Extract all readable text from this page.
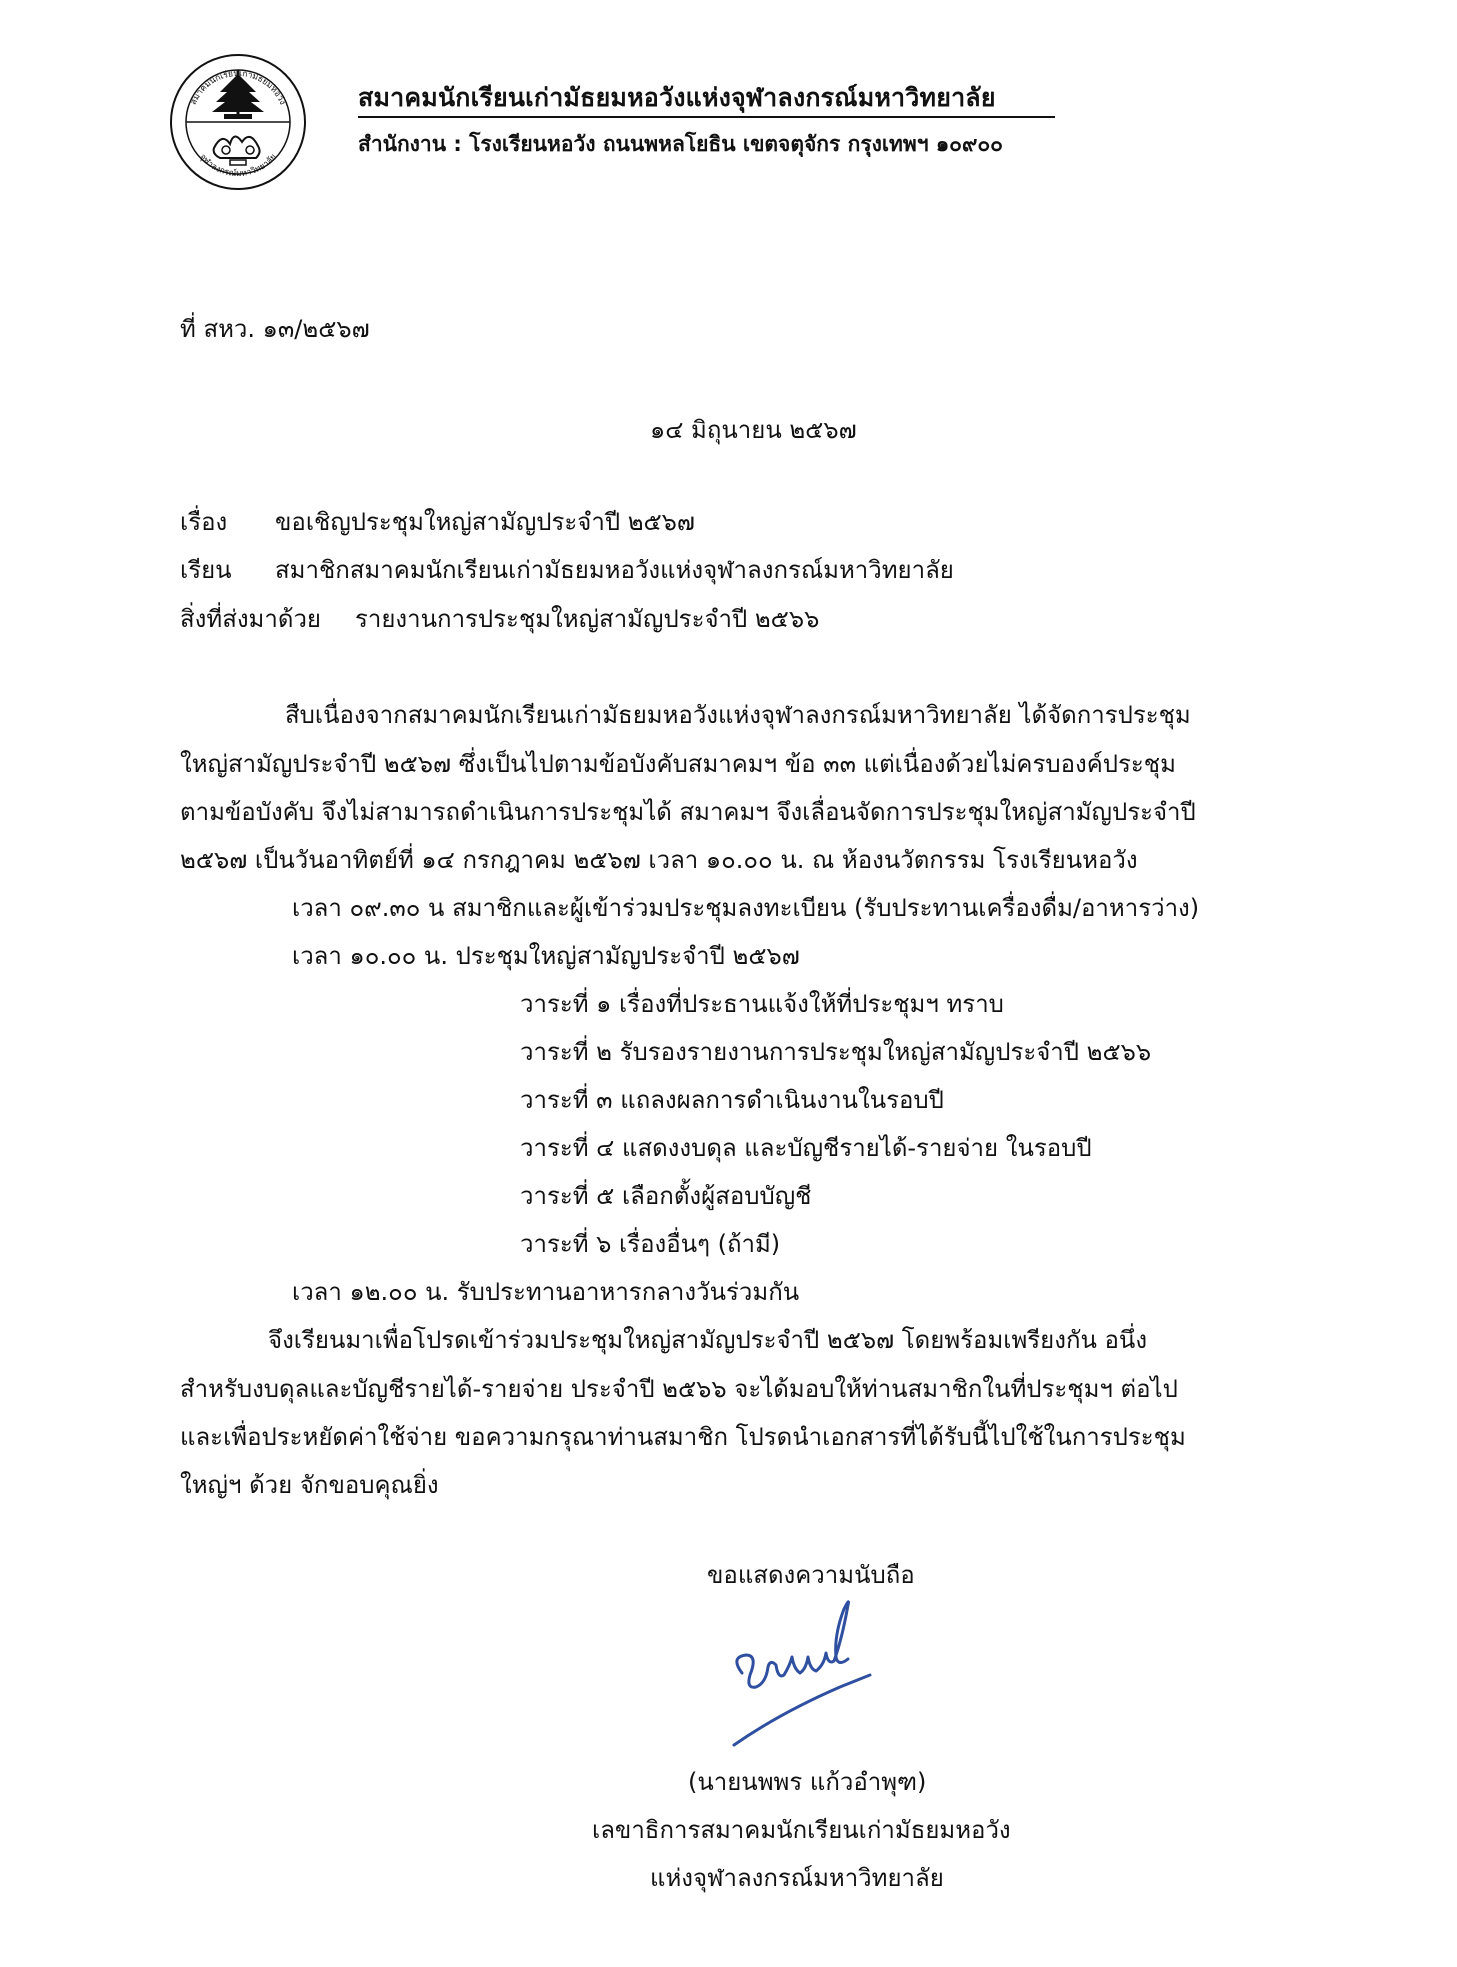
สมาคมนักเรียนเก่ามัธยมหอวัง
จุฬาลงกรณ์มหาวิทยาลัย
สมาคมนักเรียนเก่ามัธยมหอวังแห่งจุฬาลงกรณ์มหาวิทยาลัย
สำนักงาน : โรงเรียนหอวัง ถนนพหลโยธิน เขตจตุจักร กรุงเทพฯ ๑๐๙๐๐
ที่ สหว. ๑๓/๒๕๖๗
๑๔ มิถุนายน ๒๕๖๗
เรื่อง ขอเชิญประชุมใหญ่สามัญประจำปี ๒๕๖๗
เรียน สมาชิกสมาคมนักเรียนเก่ามัธยมหอวังแห่งจุฬาลงกรณ์มหาวิทยาลัย
สิ่งที่ส่งมาด้วย รายงานการประชุมใหญ่สามัญประจำปี ๒๕๖๖
สืบเนื่องจากสมาคมนักเรียนเก่ามัธยมหอวังแห่งจุฬาลงกรณ์มหาวิทยาลัย ได้จัดการประชุม
ใหญ่สามัญประจำปี ๒๕๖๗ ซึ่งเป็นไปตามข้อบังคับสมาคมฯ ข้อ ๓๓ แต่เนื่องด้วยไม่ครบองค์ประชุม
ตามข้อบังคับ จึงไม่สามารถดำเนินการประชุมได้ สมาคมฯ จึงเลื่อนจัดการประชุมใหญ่สามัญประจำปี
๒๕๖๗ เป็นวันอาทิตย์ที่ ๑๔ กรกฎาคม ๒๕๖๗ เวลา ๑๐.๐๐ น. ณ ห้องนวัตกรรม โรงเรียนหอวัง
เวลา ๐๙.๓๐ น สมาชิกและผู้เข้าร่วมประชุมลงทะเบียน (รับประทานเครื่องดื่ม/อาหารว่าง)
เวลา ๑๐.๐๐ น. ประชุมใหญ่สามัญประจำปี ๒๕๖๗
วาระที่ ๑ เรื่องที่ประธานแจ้งให้ที่ประชุมฯ ทราบ
วาระที่ ๒ รับรองรายงานการประชุมใหญ่สามัญประจำปี ๒๕๖๖
วาระที่ ๓ แถลงผลการดำเนินงานในรอบปี
วาระที่ ๔ แสดงงบดุล และบัญชีรายได้-รายจ่าย ในรอบปี
วาระที่ ๕ เลือกตั้งผู้สอบบัญชี
วาระที่ ๖ เรื่องอื่นๆ (ถ้ามี)
เวลา ๑๒.๐๐ น. รับประทานอาหารกลางวันร่วมกัน
จึงเรียนมาเพื่อโปรดเข้าร่วมประชุมใหญ่สามัญประจำปี ๒๕๖๗ โดยพร้อมเพรียงกัน อนึ่ง
สำหรับงบดุลและบัญชีรายได้-รายจ่าย ประจำปี ๒๕๖๖ จะได้มอบให้ท่านสมาชิกในที่ประชุมฯ ต่อไป
และเพื่อประหยัดค่าใช้จ่าย ขอความกรุณาท่านสมาชิก โปรดนำเอกสารที่ได้รับนี้ไปใช้ในการประชุม
ใหญ่ฯ ด้วย จักขอบคุณยิ่ง
ขอแสดงความนับถือ
(นายนพพร แก้วอำพุฑ)
เลขาธิการสมาคมนักเรียนเก่ามัธยมหอวัง
แห่งจุฬาลงกรณ์มหาวิทยาลัย
